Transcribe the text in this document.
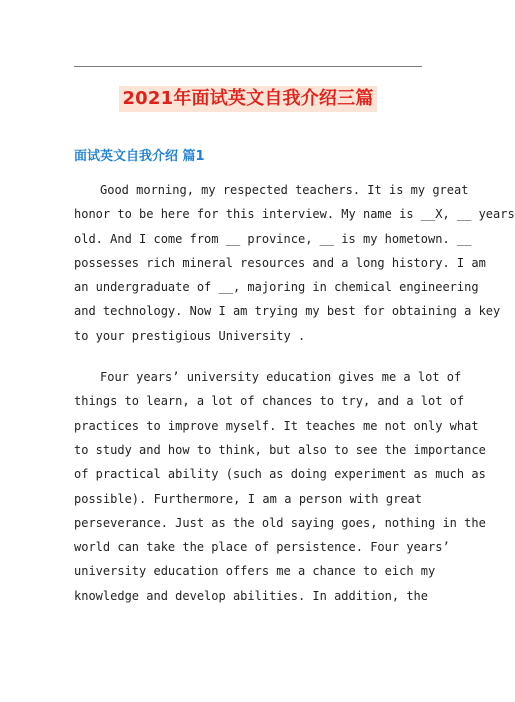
2021年面试英文自我介绍三篇
面试英文自我介绍 篇1
Good morning, my respected teachers. It is my great
honor to be here for this interview. My name is __X, __ years
old. And I come from __ province, __ is my hometown. __
possesses rich mineral resources and a long history. I am
an undergraduate of __, majoring in chemical engineering
and technology. Now I am trying my best for obtaining a key
to your prestigious University .
Four years’ university education gives me a lot of
things to learn, a lot of chances to try, and a lot of
practices to improve myself. It teaches me not only what
to study and how to think, but also to see the importance
of practical ability (such as doing experiment as much as
possible). Furthermore, I am a person with great
perseverance. Just as the old saying goes, nothing in the
world can take the place of persistence. Four years’
university education offers me a chance to eich my
knowledge and develop abilities. In addition, the
